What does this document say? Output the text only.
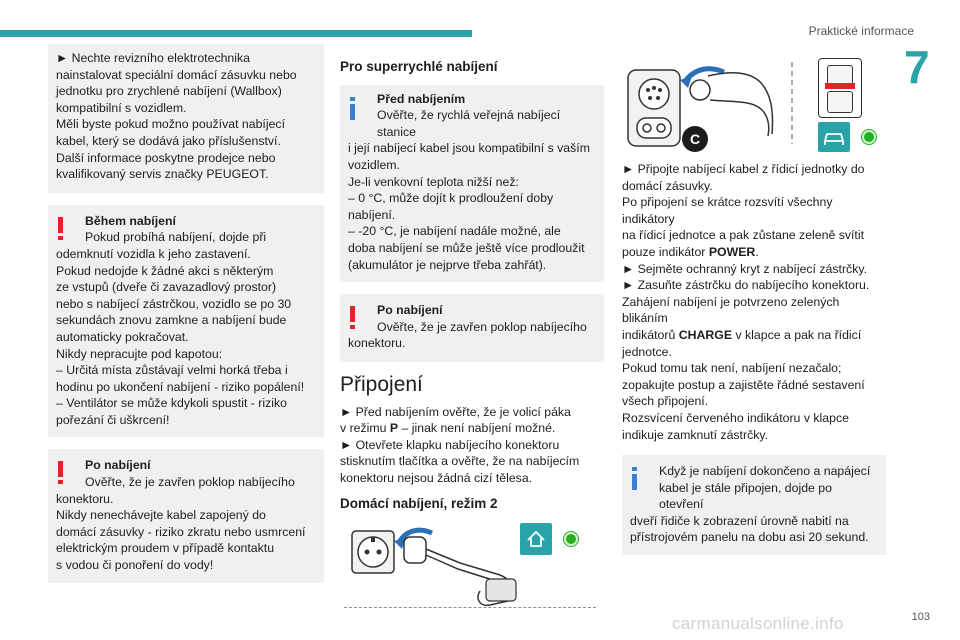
Praktické informace
7

► Nechte revizního elektrotechnika

nainstalovat speciální domácí zásuvku nebo

jednotku pro zrychlené nabíjení (Wallbox)

kompatibilní s vozidlem.

Měli byste pokud možno používat nabíjecí

kabel, který se dodává jako příslušenství.

Další informace poskytne prodejce nebo

kvalifikovaný servis značky PEUGEOT.

Během nabíjení

Pokud probíhá nabíjení, dojde při

odemknutí vozidla k jeho zastavení.

Pokud nedojde k žádné akci s některým

ze vstupů (dveře či zavazadlový prostor)

nebo s nabíjecí zástrčkou, vozidlo se po 30

sekundách znovu zamkne a nabíjení bude

automaticky pokračovat.

Nikdy nepracujte pod kapotou:

– Určitá místa zůstávají velmi horká třeba i

hodinu po ukončení nabíjení - riziko popálení!

– Ventilátor se může kdykoli spustit - riziko

pořezání či uškrcení!

Po nabíjení

Ověřte, že je zavřen poklop nabíjecího

konektoru.

Nikdy nenechávejte kabel zapojený do

domácí zásuvky - riziko zkratu nebo usmrcení

elektrickým proudem v případě kontaktu

s vodou či ponoření do vody!

Pro superrychlé nabíjení

Před nabíjením

Ověřte, že rychlá veřejná nabíjecí stanice

i její nabíjecí kabel jsou kompatibilní s vaším

vozidlem.

Je-li venkovní teplota nižší než:

– 0 °C, může dojít k prodloužení doby

nabíjení.

– -20 °C, je nabíjení nadále možné, ale

doba nabíjení se může ještě více prodloužit

(akumulátor je nejprve třeba zahřát).

Po nabíjení

Ověřte, že je zavřen poklop nabíjecího

konektoru.

Připojení

► Před nabíjením ověřte, že je volicí páka

v režimu P – jinak není nabíjení možné.

► Otevřete klapku nabíjecího konektoru

stisknutím tlačítka a ověřte, že na nabíjecím

konektoru nejsou žádná cizí tělesa.

Domácí nabíjení, režim 2
C

► Připojte nabíjecí kabel z řídicí jednotky do

domácí zásuvky.

Po připojení se krátce rozsvítí všechny indikátory

na řídicí jednotce a pak zůstane zeleně svítit

pouze indikátor POWER.

► Sejměte ochranný kryt z nabíjecí zástrčky.

► Zasuňte zástrčku do nabíjecího konektoru.

Zahájení nabíjení je potvrzeno zelených blikáním

indikátorů CHARGE v klapce a pak na řídicí

jednotce.

Pokud tomu tak není, nabíjení nezačalo;

zopakujte postup a zajistěte řádné sestavení

všech připojení.

Rozsvícení červeného indikátoru v klapce

indikuje zamknutí zástrčky.

Když je nabíjení dokončeno a napájecí

kabel je stále připojen, dojde po otevření

dveří řidiče k zobrazení úrovně nabití na

přístrojovém panelu na dobu asi 20 sekund.

carmanualsonline.info	103
